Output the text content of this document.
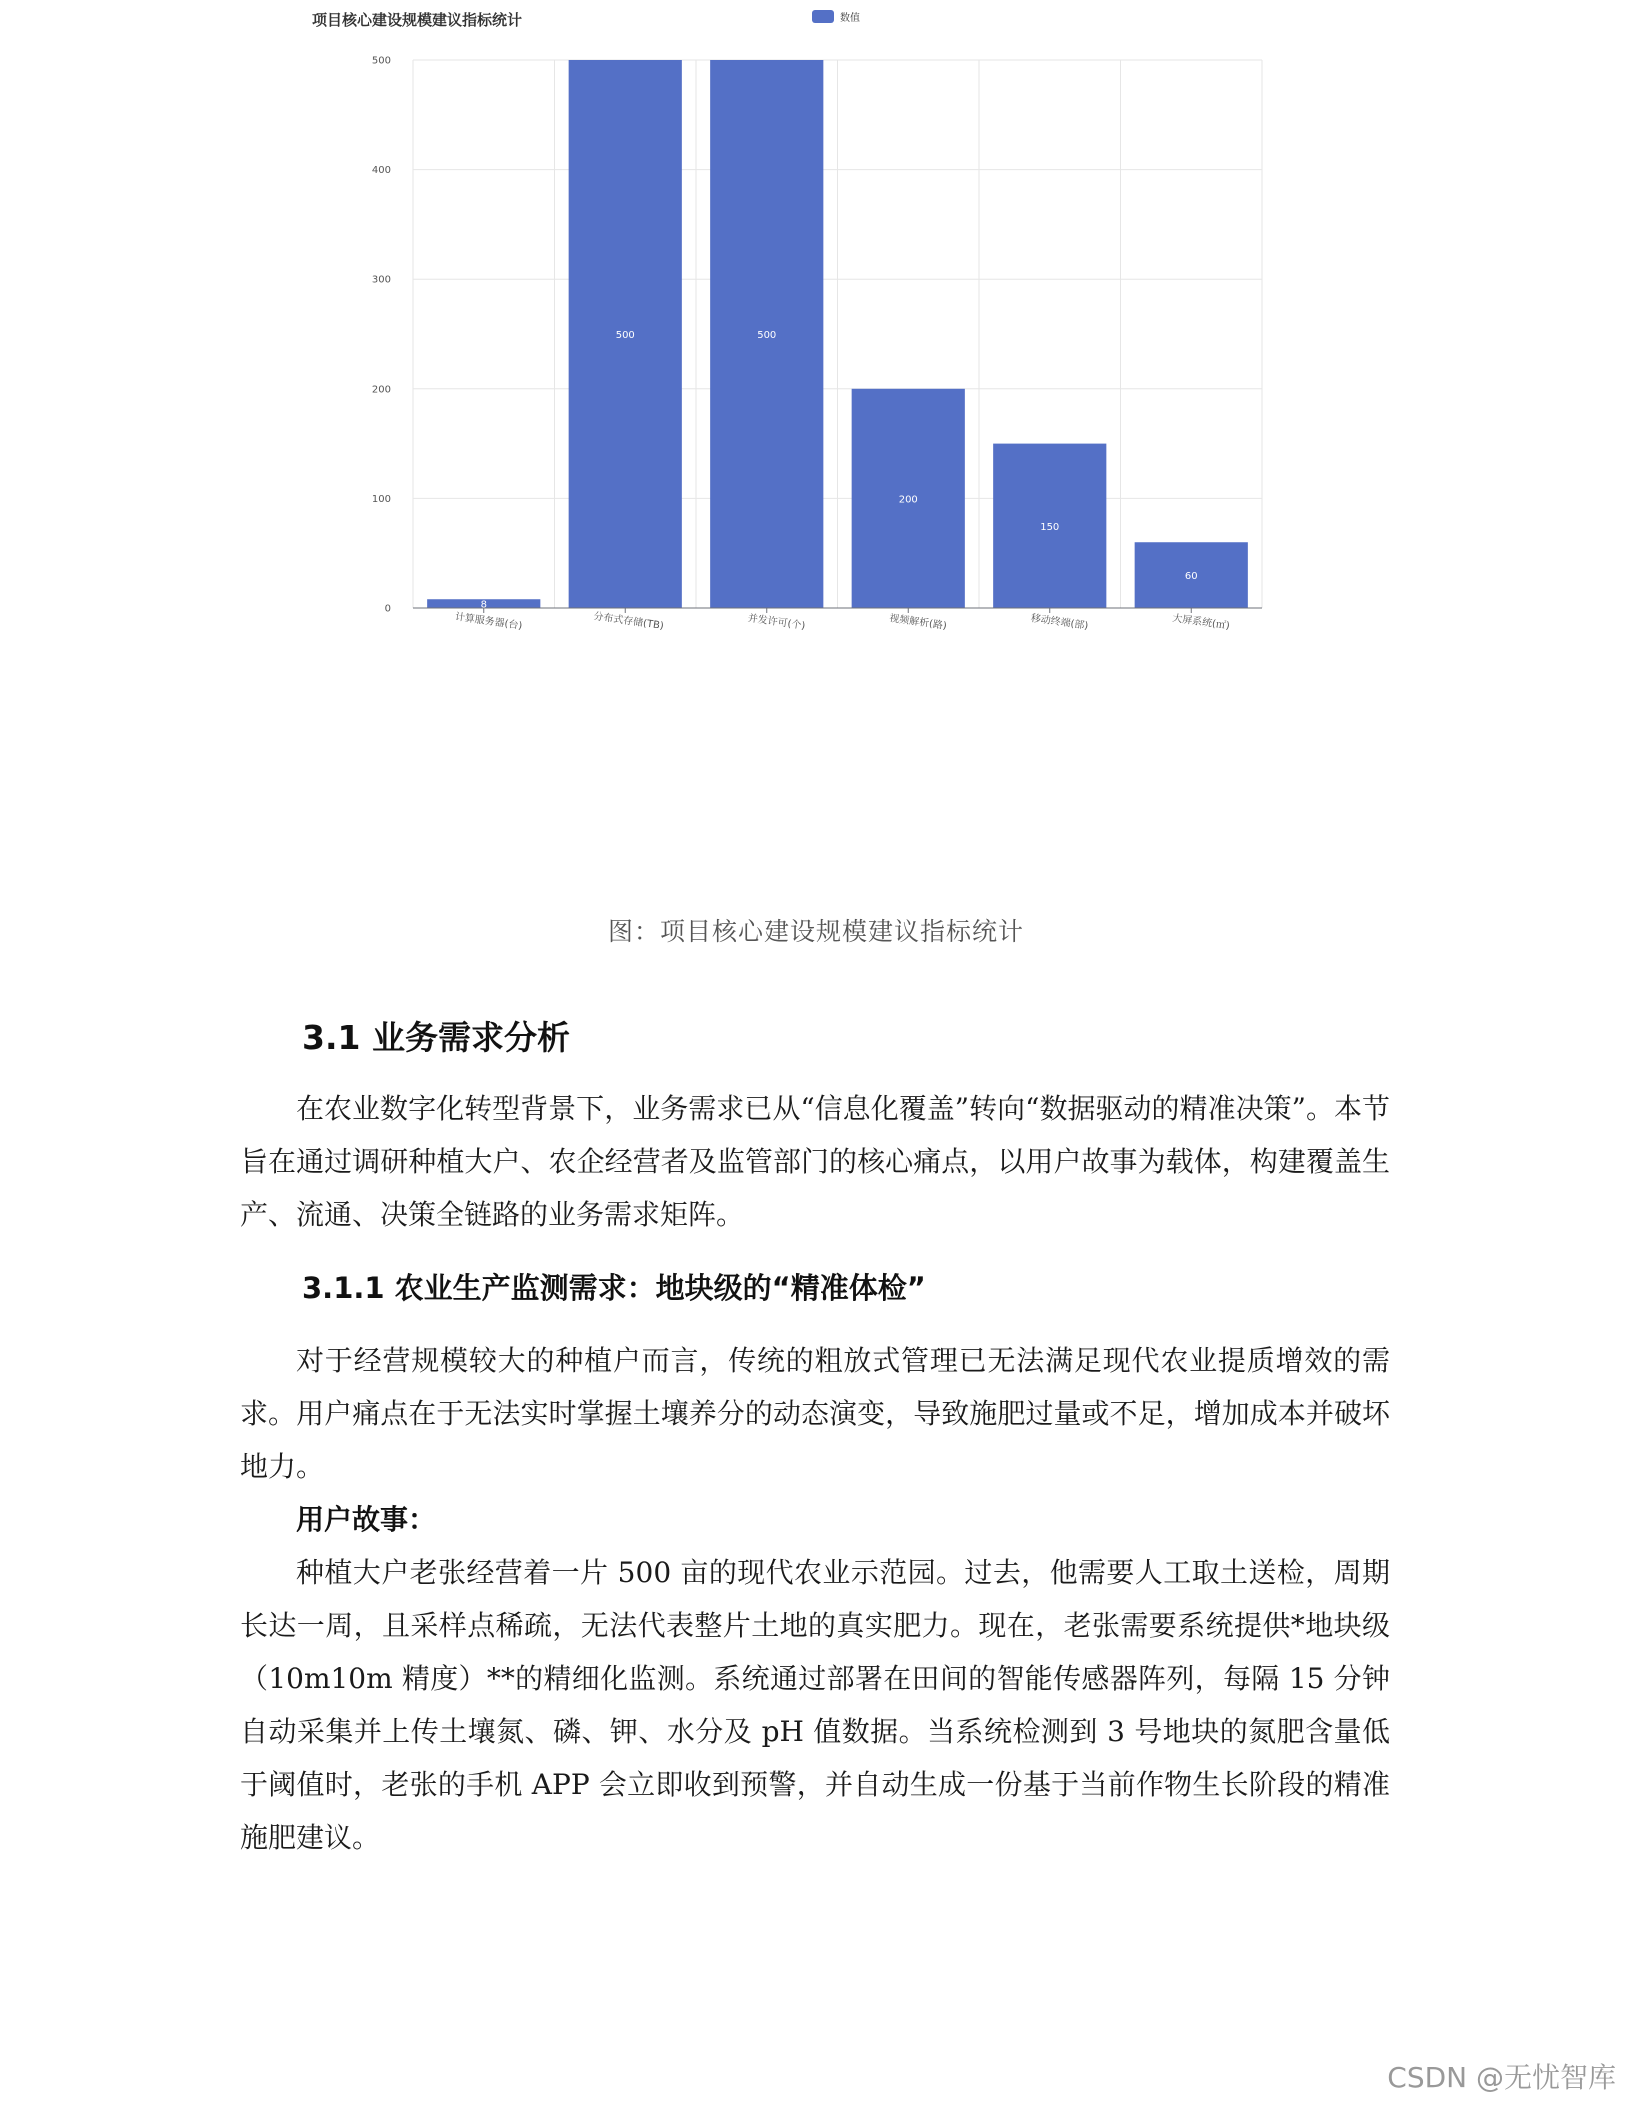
8
500	500
200
150
60
0
100
200
300
400
500
计算服务器(台)	分布式存储(TB)	并发许可(个)	视频解析(路)	移动终端(部)	大屏系统(㎡)
项目核心建设规模建议指标统计	数值
图：项目核心建设规模建议指标统计
3.1 业务需求分析

在农业数字化转型背景下，业务需求已从“信息化覆盖”转向“数据驱动的精准决策”。本节旨在通过调研种植大户、农企经营者及监管部门的核心痛点，以用户故事为载体，构建覆盖生产、流通、决策全链路的业务需求矩阵。

3.1.1 农业生产监测需求：地块级的“精准体检”

对于经营规模较大的种植户而言，传统的粗放式管理已无法满足现代农业提质增效的需求。用户痛点在于无法实时掌握土壤养分的动态演变，导致施肥过量或不足，增加成本并破坏地力。

用户故事：

种植大户老张经营着一片 500 亩的现代农业示范园。过去，他需要人工取土送检，周期长达一周，且采样点稀疏，无法代表整片土地的真实肥力。现在，老张需要系统提供*地块级（10m10m 精度）**的精细化监测。系统通过部署在田间的智能传感器阵列，每隔 15 分钟自动采集并上传土壤氮、磷、钾、水分及 pH 值数据。当系统检测到 3 号地块的氮肥含量低于阈值时，老张的手机 APP 会立即收到预警，并自动生成一份基于当前作物生长阶段的精准施肥建议。

CSDN @无忧智库
